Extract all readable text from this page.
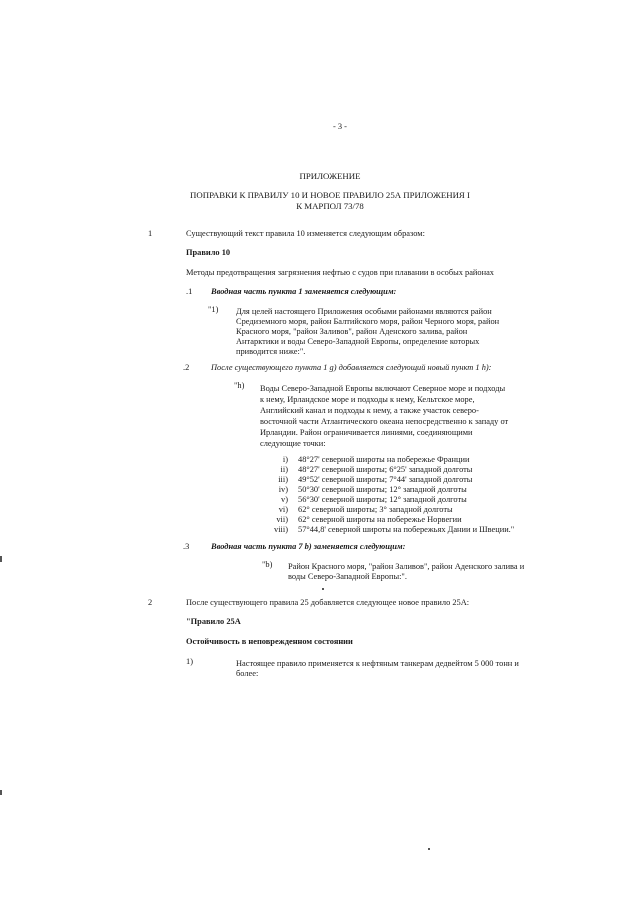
- 3 -
ПРИЛОЖЕНИЕ
ПОПРАВКИ К ПРАВИЛУ 10 И НОВОЕ ПРАВИЛО 25А ПРИЛОЖЕНИЯ I
К МАРПОЛ 73/78
1	Существующий текст правила 10 изменяется следующим образом:
Правило 10
Методы предотвращения загрязнения нефтью с судов при плавании в особых районах
.1 Вводная часть пункта 1 заменяется следующим:
"1) Для целей настоящего Приложения особыми районами являются район
Средиземного моря, район Балтийского моря, район Черного моря, район
Красного моря, "район Заливов", район Аденского залива, район
Антарктики и воды Северо-Западной Европы, определение которых
приводится ниже:".
.2	После существующего пункта 1 g) добавляется следующий новый пункт 1 h):
"h) Воды Северо-Западной Европы включают Северное море и подходы
к нему, Ирландское море и подходы к нему, Кельтское море,
Английский канал и подходы к нему, а также участок северо-
восточной части Атлантического океана непосредственно к западу от
Ирландии. Район ограничивается линиями, соединяющими
следующие точки:
i) 48°27' северной широты на побережье Франции
ii) 48°27' северной широты; 6°25' западной долготы
iii) 49°52' северной широты; 7°44' западной долготы
iv) 50°30' северной широты; 12° западной долготы
v) 56°30' северной широты; 12° западной долготы
vi) 62° северной широты; 3° западной долготы
vii) 62° северной широты на побережье Норвегии
viii) 57°44,8' северной широты на побережьях Дании и Швеции."
.3	Вводная часть пункта 7 b) заменяется следующим:
"b) Район Красного моря, "район Заливов", район Аденского залива и
воды Северо-Западной Европы:".
2	После существующего правила 25 добавляется следующее новое правило 25А:
"Правило 25А
Остойчивость в неповрежденном состоянии
1)	Настоящее правило применяется к нефтяным танкерам дедвейтом 5 000 тонн и
более:
